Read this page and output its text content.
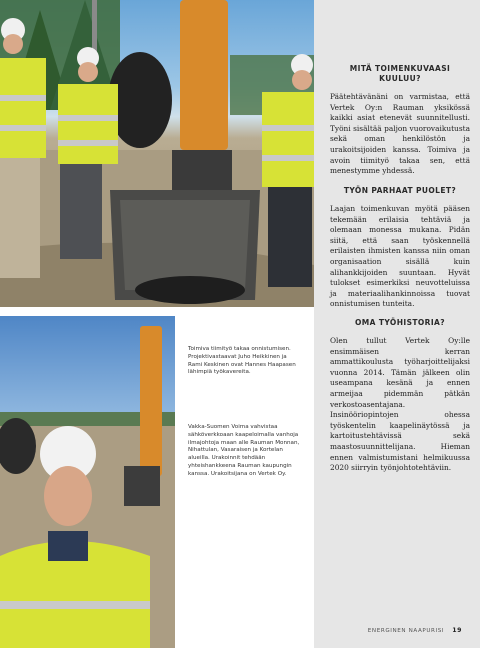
Toimiva tiimityö takaa onnistumisen. Projektivastaavat Juho Heikkinen ja Rami Keskinen ovat Hannes Haapasen lähimpiä työkavereita.

Vakka-Suomen Voima vahvistaa sähköverkkoaan kaapeloimalla vanhoja ilmajohtoja maan alle Rauman Monnan, Nihattulan, Vasaraisen ja Kortelan alueilla. Urakoinnit tehdään yhteishankkeena Rauman kaupungin kanssa. Urakoitsijana on Vertek Oy.

MITÄ TOIMENKUVAASI KUULUU?

Päätehtävänäni on varmistaa, että Vertek Oy:n Rauman yksikössä kaikki asiat etenevät suunnitellusti. Työni sisältää paljon vuorovaikutusta sekä oman henkilöstön ja urakoitsijoiden kanssa. Toimiva ja avoin tiimityö takaa sen, että menestymme yhdessä.

TYÖN PARHAAT PUOLET?

Laajan toimenkuvan myötä pääsen tekemään erilaisia tehtäviä ja olemaan monessa mukana. Pidän siitä, että saan työskennellä erilaisten ihmisten kanssa niin oman organisaation sisällä kuin alihankkijoiden suuntaan. Hyvät tulokset esimerkiksi neuvotteluissa ja materiaalihankinnoissa tuovat onnistumisen tunteita.

OMA TYÖHISTORIA?

Olen tullut Vertek Oy:lle ensimmäisen kerran ammattikoulusta työharjoittelijaksi vuonna 2014. Tämän jälkeen olin useampana kesänä ja ennen armeijaa pidemmän pätkän verkostoasentajana. Insinööriopintojen ohessa työskentelin kaapelinäytössä ja kartoitustehtävissä sekä maastosuunnittelijana. Hieman ennen valmistumistani helmikuussa 2020 siirryin työnjohtotehtäviin.

ENERGINEN NAAPURISI 19
